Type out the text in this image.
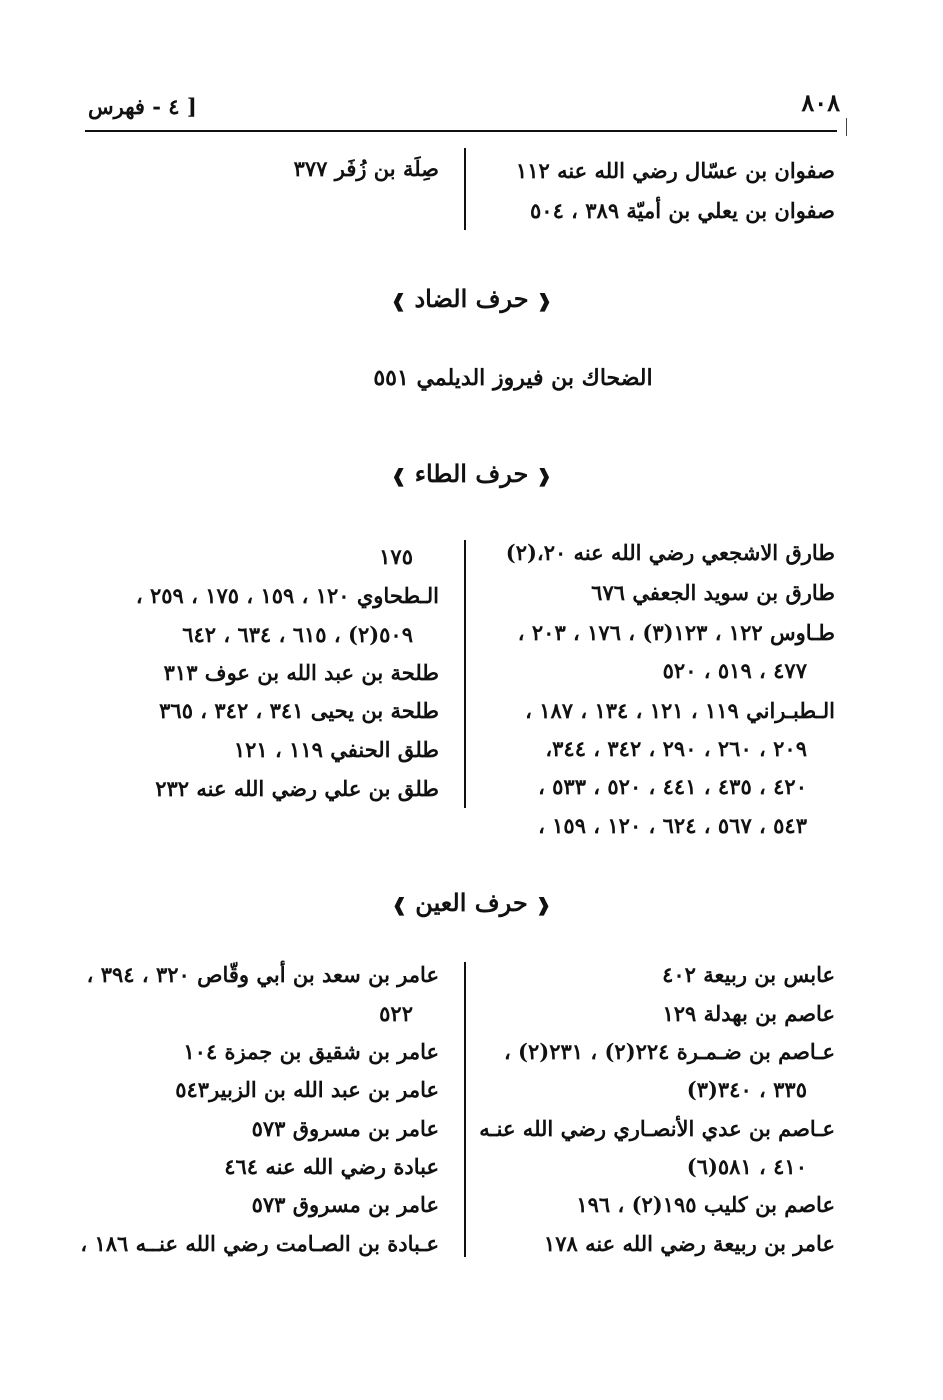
٨٠٨
[ ٤ - فهرس
صفوان بن عسّال رضي الله عنه ١١٢
صفوان بن يعلي بن أميّة ٣٨٩ ، ٥٠٤
صِلَة بن زُفَر ٣٧٧
❰ حرف الضاد ❱
الضحاك بن فيروز الديلمي ٥٥١
❰ حرف الطاء ❱
طارق الاشجعي رضي الله عنه ٢٠،(٢)
طارق بن سويد الجعفي ٦٧٦
طـاوس ١٢٢ ، ١٢٣(٣) ، ١٧٦ ، ٢٠٣ ،
٤٧٧ ، ٥١٩ ، ٥٢٠
الـطبـراني ١١٩ ، ١٢١ ، ١٣٤ ، ١٨٧ ،
٢٠٩ ، ٢٦٠ ، ٢٩٠ ، ٣٤٢ ، ٣٤٤،
٤٢٠ ، ٤٣٥ ، ٤٤١ ، ٥٢٠ ، ٥٣٣ ،
٥٤٣ ، ٥٦٧ ، ٦٢٤ ، ١٢٠ ، ١٥٩ ،
١٧٥
الـطحاوي ١٢٠ ، ١٥٩ ، ١٧٥ ، ٢٥٩ ،
٥٠٩(٢) ، ٦١٥ ، ٦٣٤ ، ٦٤٢
طلحة بن عبد الله بن عوف ٣١٣
طلحة بن يحيى ٣٤١ ، ٣٤٢ ، ٣٦٥
طلق الحنفي ١١٩ ، ١٢١
طلق بن علي رضي الله عنه ٢٣٢
❰ حرف العين ❱
عابس بن ربيعة ٤٠٢
عاصم بن بهدلة ١٢٩
عـاصم بن ضـمـرة ٢٢٤(٢) ، ٢٣١(٢) ،
٣٣٥ ، ٣٤٠(٣)
عـاصم بن عدي الأنصـاري رضي الله عنـه
٤١٠ ، ٥٨١(٦)
عاصم بن كليب ١٩٥(٢) ، ١٩٦
عامر بن ربيعة رضي الله عنه ١٧٨
عامر بن سعد بن أبي وقّاص ٣٢٠ ، ٣٩٤ ،
٥٢٢
عامر بن شقيق بن جمزة ١٠٤
عامر بن عبد الله بن الزبير٥٤٣
عامر بن مسروق ٥٧٣
عبادة رضي الله عنه ٤٦٤
عامر بن مسروق ٥٧٣
عـبادة بن الصـامت رضي الله عنــه ١٨٦ ،
